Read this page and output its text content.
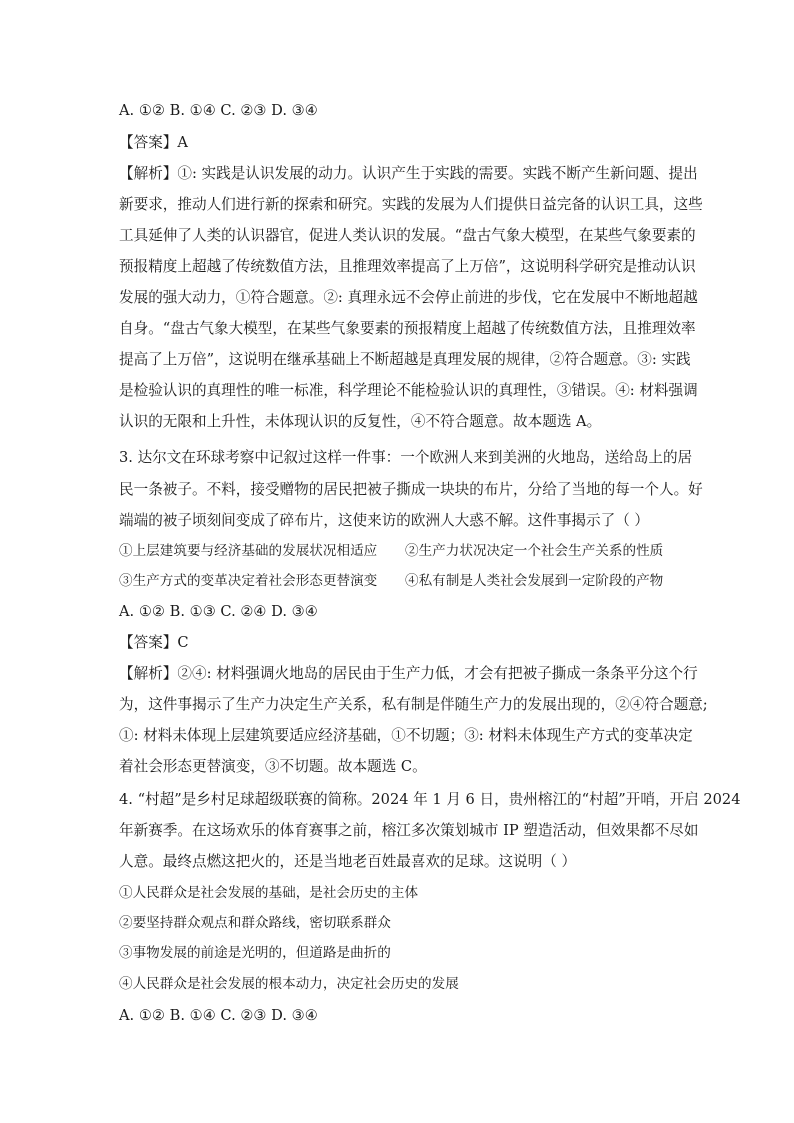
A. ①② B. ①④ C. ②③ D. ③④
【答案】A
【解析】①: 实践是认识发展的动力。认识产生于实践的需要。实践不断产生新问题、提出
新要求，推动人们进行新的探索和研究。实践的发展为人们提供日益完备的认识工具，这些
工具延伸了人类的认识器官，促进人类认识的发展。“盘古气象大模型，在某些气象要素的
预报精度上超越了传统数值方法，且推理效率提高了上万倍”，这说明科学研究是推动认识
发展的强大动力，①符合题意。②: 真理永远不会停止前进的步伐，它在发展中不断地超越
自身。“盘古气象大模型，在某些气象要素的预报精度上超越了传统数值方法，且推理效率
提高了上万倍”，这说明在继承基础上不断超越是真理发展的规律，②符合题意。③: 实践
是检验认识的真理性的唯一标准，科学理论不能检验认识的真理性，③错误。④: 材料强调
认识的无限和上升性，未体现认识的反复性，④不符合题意。故本题选 A。
3. 达尔文在环球考察中记叙过这样一件事：一个欧洲人来到美洲的火地岛，送给岛上的居
民一条被子。不料，接受赠物的居民把被子撕成一块块的布片，分给了当地的每一个人。好
端端的被子顷刻间变成了碎布片，这使来访的欧洲人大惑不解。这件事揭示了（ ）
①上层建筑要与经济基础的发展状况相适应 ②生产力状况决定一个社会生产关系的性质
③生产方式的变革决定着社会形态更替演变 ④私有制是人类社会发展到一定阶段的产物
A. ①② B. ①③ C. ②④ D. ③④
【答案】C
【解析】②④: 材料强调火地岛的居民由于生产力低，才会有把被子撕成一条条平分这个行
为，这件事揭示了生产力决定生产关系，私有制是伴随生产力的发展出现的，②④符合题意;
①: 材料未体现上层建筑要适应经济基础，①不切题；③: 材料未体现生产方式的变革决定
着社会形态更替演变，③不切题。故本题选 C。
4. “村超”是乡村足球超级联赛的简称。2024 年 1 月 6 日，贵州榕江的“村超”开哨，开启 2024
年新赛季。在这场欢乐的体育赛事之前，榕江多次策划城市 IP 塑造活动，但效果都不尽如
人意。最终点燃这把火的，还是当地老百姓最喜欢的足球。这说明（ ）
①人民群众是社会发展的基础，是社会历史的主体
②要坚持群众观点和群众路线，密切联系群众
③事物发展的前途是光明的，但道路是曲折的
④人民群众是社会发展的根本动力，决定社会历史的发展
A. ①② B. ①④ C. ②③ D. ③④
